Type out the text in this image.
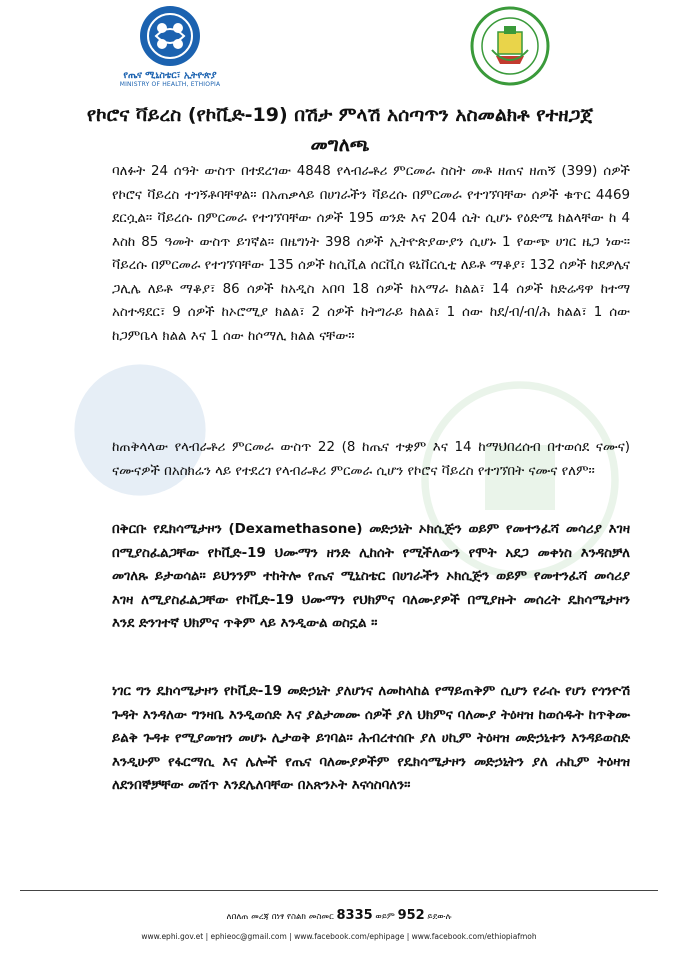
የጤና ሚኒስቴር፣ ኢትዮጵያ
MINISTRY OF HEALTH, ETHIOPIA
የኮሮና ቫይረስ (የኮቪድ-19) በሽታ ምላሽ አሰጣጥን አስመልክቶ የተዘጋጀ መግለጫ
ባለፉት 24 ሰዓት ውስጥ በተደረገው 4848 የላብራቶሪ ምርመራ ስስት መቶ ዘጠና ዘጠኝ (399) ሰዎች የኮሮና ቫይረስ ተገኝቶባቸዋል። በአጠቃላይ በሀገራችን ቫይረሱ በምርመራ የተገኘባቸው ሰዎች ቁጥር 4469 ደርሷል። ቫይረሱ በምርመራ የተገኘባቸው ሰዎች 195 ወንድ እና 204 ሴት ሲሆኑ የዕድሜ ክልላቸው ከ 4 እስከ 85 ዓመት ውስጥ ይገኛል። በዜግነት 398 ሰዎች ኢትዮጵያውያን ሲሆኑ 1 የውጭ ሀገር ዜጋ ነው። ቫይረሱ በምርመራ የተገኘባቸው 135 ሰዎች ከሲቪል ሰርቪስ ዩኒቨርሲቲ ለይቶ ማቆያ፣ 132 ሰዎች ከደዎሌና ጋሊሌ ለይቶ ማቆያ፣ 86 ሰዎች ከአዲስ አበባ 18 ሰዎች ከአማራ ክልል፣ 14 ሰዎች ከድሬዳዋ ከተማ አስተዳደር፣ 9 ሰዎች ከኦሮሚያ ክልል፣ 2 ሰዎች ከትግራይ ክልል፣ 1 ሰው ከደ/ብ/ብ/ሕ ክልል፣ 1 ሰው ከጋምቤላ ክልል እና 1 ሰው ከሶማሊ ክልል ናቸው።
ከጠቅላላው የላብራቶሪ ምርመራ ውስጥ 22 (8 ከጤና ተቋም እና 14 ከማህበረሰብ በተወሰደ ናሙና) ናሙናዎች በአስክሬን ላይ የተደረገ የላብራቶሪ ምርመራ ሲሆን የኮሮና ቫይረስ የተገኘበት ናሙና የለም።
በቅርቡ የዴክሳሜታዞን (Dexamethasone) መድኃኒት ኦክሲጅን ወይም የመተንፈሻ መሳሪያ እገዛ በሚያስፈልጋቸው የኮቪድ-19 ህሙማን ዘንድ ሊከሰት የሚችለውን የሞት አደጋ መቀነስ እንዳስቻለ መገለጹ ይታወሳል። ይህንንም ተከትሎ የጤና ሚኒስቴር በሀገራችን ኦክሲጅን ወይም የመተንፈሻ መሳሪያ እገዛ ለሚያስፈልጋቸው የኮቪድ-19 ህሙማን የህክምና ባለሙያዎች በሚያዙት መሰረት ዴክሳሜታዞን እንደ ድንገተኛ ህክምና ጥቅም ላይ እንዲውል ወስኗል ።
ነገር ግን ዴክሳሜታዞን የኮቪድ-19 መድኃኒት ያለሆነና ለመከላከል የማይጠቅም ሲሆን የራሱ የሆነ የጎንዮሽ ጉዳት እንዳለው ግንዛቤ እንዲወሰድ እና ያልታመሙ ሰዎች ያለ ህክምና ባለሙያ ትዕዛዝ ከወሰዱት ከጥቅሙ ይልቅ ጉዳቱ የሚያመዝን መሆኑ ሊታወቅ ይገባል። ሕብረተሰቡ ያለ ሀኪም ትዕዛዝ መድኃኒቱን እንዳይወስድ እንዲሁም የፋርማሲ እና ሌሎች የጤና ባለሙያዎችም የዴክሳሜታዞን መድኃኒትን ያለ ሐኪም ትዕዛዝ ለደንበኞቻቸው መሸጥ እንደሌለባቸው በአጽንኦት እናሳስባለን።
ለበለጠ መረጃ በነፃ የስልክ መስመር 8335 ወይም 952 ይደውሉ
www.ephi.gov.et | ephieoc@gmail.com | www.facebook.com/ephipage | www.facebook.com/ethiopiafmoh
